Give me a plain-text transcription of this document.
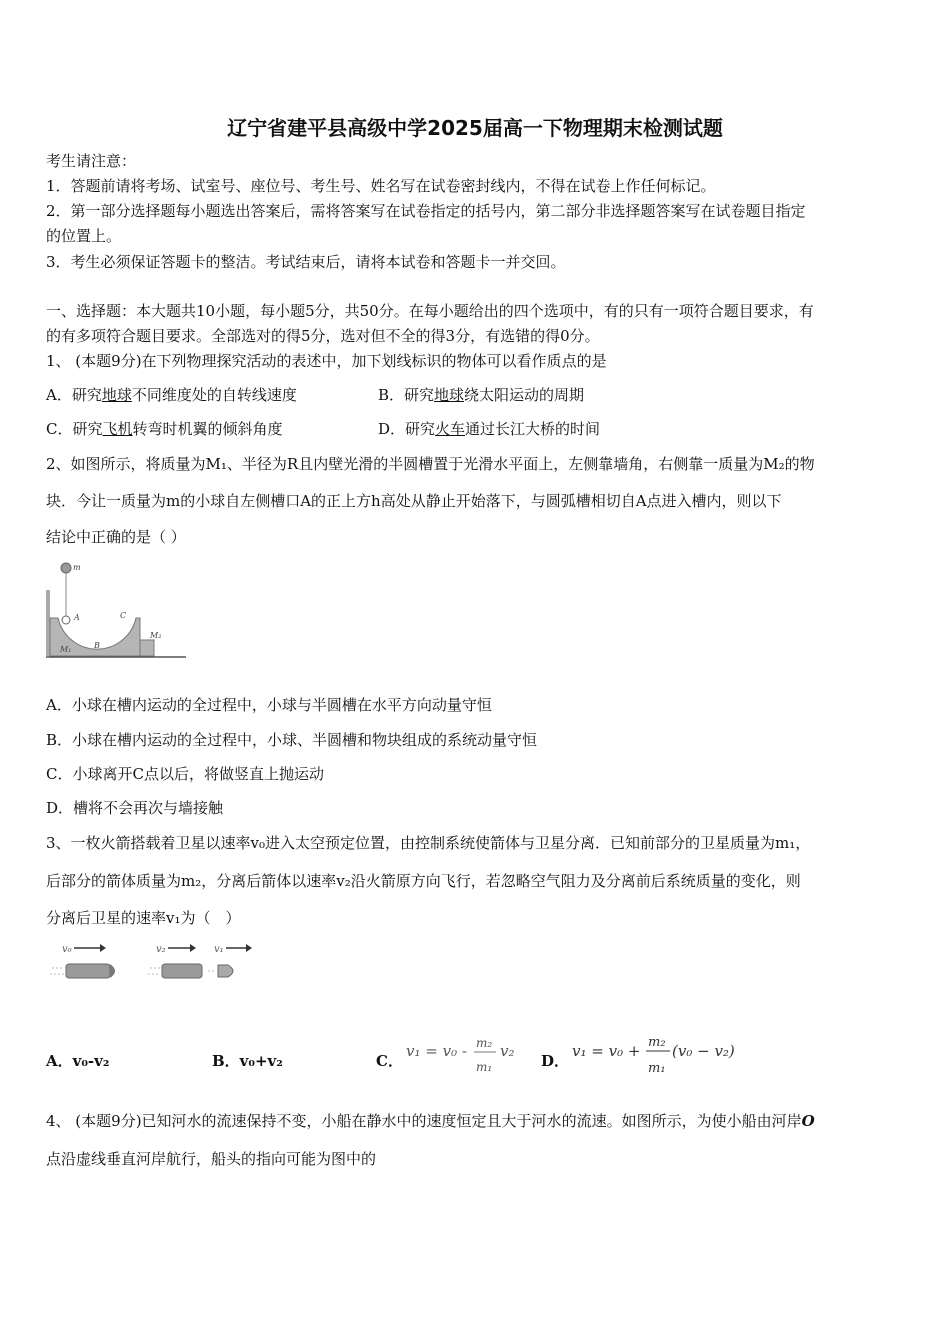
辽宁省建平县高级中学2025届高一下物理期末检测试题
考生请注意：
1．答题前请将考场、试室号、座位号、考生号、姓名写在试卷密封线内，不得在试卷上作任何标记。
2．第一部分选择题每小题选出答案后，需将答案写在试卷指定的括号内，第二部分非选择题答案写在试卷题目指定
的位置上。
3．考生必须保证答题卡的整洁。考试结束后，请将本试卷和答题卡一并交回。
一、选择题：本大题共10小题，每小题5分，共50分。在每小题给出的四个选项中，有的只有一项符合题目要求，有
的有多项符合题目要求。全部选对的得5分，选对但不全的得3分，有选错的得0分。
1、 (本题9分)在下列物理探究活动的表述中，加下划线标识的物体可以看作质点的是
A．研究地球不同维度处的自转线速度	B．研究地球绕太阳运动的周期
C．研究飞机转弯时机翼的倾斜角度	D．研究火车通过长江大桥的时间
2、如图所示，将质量为M₁、半径为R且内壁光滑的半圆槽置于光滑水平面上，左侧靠墙角，右侧靠一质量为M₂的物
块．今让一质量为m的小球自左侧槽口A的正上方h高处从静止开始落下，与圆弧槽相切自A点进入槽内，则以下
结论中正确的是（ ）
m
A
B
C
M₁
M₂
A．小球在槽内运动的全过程中，小球与半圆槽在水平方向动量守恒
B．小球在槽内运动的全过程中，小球、半圆槽和物块组成的系统动量守恒
C．小球离开C点以后，将做竖直上抛运动
D．槽将不会再次与墙接触
3、一枚火箭搭载着卫星以速率v₀进入太空预定位置，由控制系统使箭体与卫星分离．已知前部分的卫星质量为m₁，
后部分的箭体质量为m₂，分离后箭体以速率v₂沿火箭原方向飞行，若忽略空气阻力及分离前后系统质量的变化，则
分离后卫星的速率v₁为（　）
v₀	v₂	v₁
A．v₀-v₂	B．v₀+v₂	C．
v₁ = v₀ - m₂
m₁
v₂
D．
v₁ = v₀ + m₂
m₁
(v₀ − v₂)
4、 (本题9分)已知河水的流速保持不变，小船在静水中的速度恒定且大于河水的流速。如图所示，为使小船由河岸O
点沿虚线垂直河岸航行，船头的指向可能为图中的
